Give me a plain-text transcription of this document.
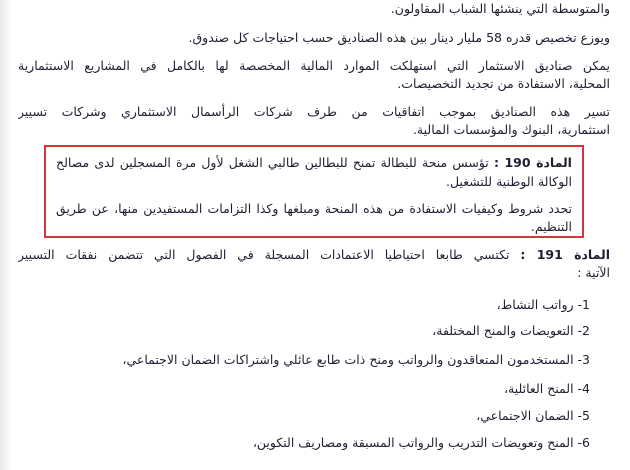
والمتوسطة التي ينشئها الشباب المقاولون.
ويوزع تخصيص قدره 58 مليار دينار بين هذه الصناديق حسب احتياجات كل صندوق.
يمكن صناديق الاستثمار التي استهلكت الموارد المالية المخصصة لها بالكامل في المشاريع الاستثمارية
المحلية، الاستفادة من تجديد التخصيصات.
تسير هذه الصناديق بموجب اتفاقيات من طرف شركات الرأسمال الاستثماري وشركات تسيير
استثمارية، البنوك والمؤسسات المالية.
المادة 190 : تؤسس منحة للبطالة تمنح للبطالين طالبي الشغل لأول مرة المسجلين لدى مصالح
الوكالة الوطنية للتشغيل.
تحدد شروط وكيفيات الاستفادة من هذه المنحة ومبلغها وكذا التزامات المستفيدين منها، عن طريق
التنظيم.
المادة 191 : تكتسي طابعا احتياطيا الاعتمادات المسجلة في الفصول التي تتضمن نفقات التسيير
الآتية :
1- رواتب النشاط،
2- التعويضات والمنح المختلفة،
3- المستخدمون المتعاقدون والرواتب ومنح ذات طابع عائلي واشتراكات الضمان الاجتماعي،
4- المنح العائلية،
5- الضمان الاجتماعي،
6- المنح وتعويضات التدريب والرواتب المسبقة ومصاريف التكوين،
